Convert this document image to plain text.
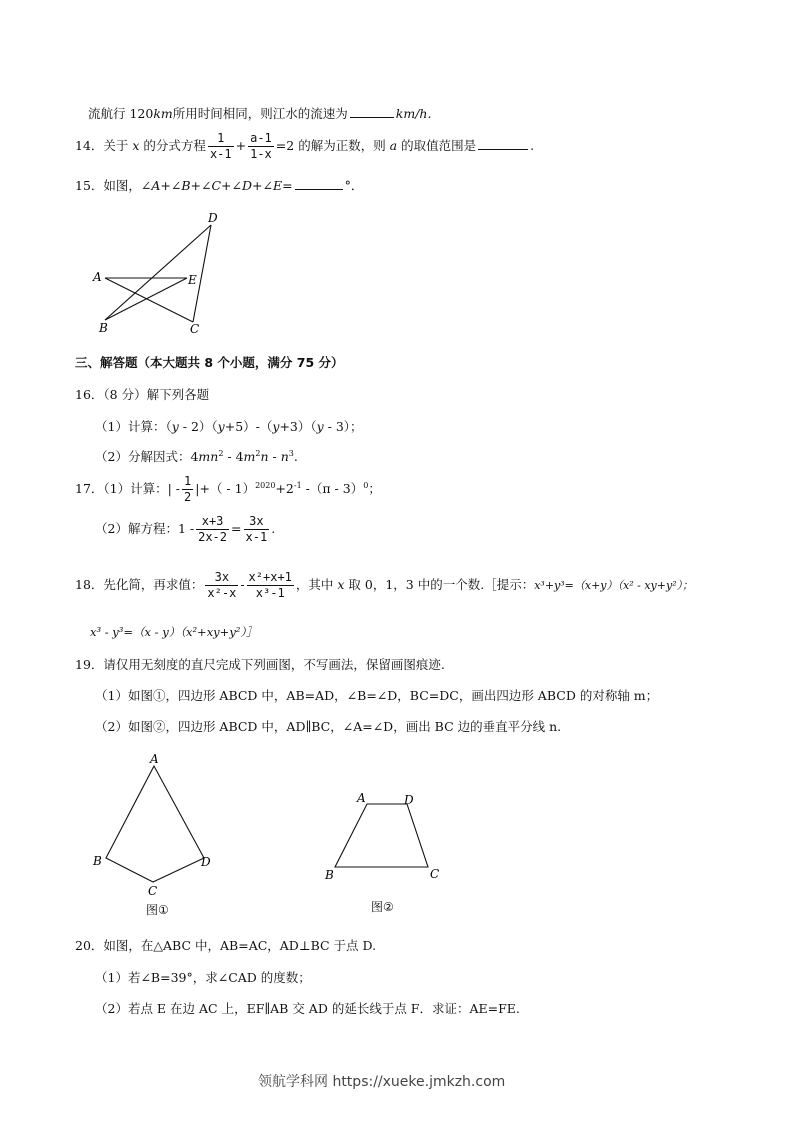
流航行 120km所用时间相同，则江水的流速为	km/h.
14．关于 x 的分式方程 $\frac{1}{x-1} + \frac{a-1}{1-x} =2$ 的解为正数，则 a 的取值范围是	.
15．如图，∠A+∠B+∠C+∠D+∠E=	°．
A
B	C
D
E
三、解答题（本大题共 8 个小题，满分 75 分）
16．（8 分）解下列各题
（1）计算：（y - 2）（y+5）-（y+3）（y - 3）；
（2）分解因式：$4mn^2 - 4m^2n - n^3$.
17．（1）计算：| - $\frac{1}{2}$ |+（ - $1)^{2020}+2^{-1}$ -（π - 3）$^0$；
（2）解方程：$1 - \frac{x+3}{2x-2} = \frac{3x}{x-1}$ .
18．先化简，再求值： $\frac{3x}{\text{x²-x}} - \frac{\text{x²+x+1}}{\text{x³-1}}$ ，其中 x 取 0，1，3 中的一个数.［提示：x³+y³=（x+y）（x² - xy+y²）；
x³ - y³=（x - y）（x²+xy+y²）］
19．请仅用无刻度的直尺完成下列画图，不写画法，保留画图痕迹.
（1）如图①，四边形 ABCD 中，AB=AD，∠B=∠D，BC=DC，画出四边形 ABCD 的对称轴 m；
（2）如图②，四边形 ABCD 中，AD∥BC，∠A=∠D，画出 BC 边的垂直平分线 n.
A
B
C
D
图①
A	D
B	C
图②
20．如图，在△ABC 中，AB=AC，AD⊥BC 于点 D.
（1）若∠B=39°，求∠CAD 的度数；
（2）若点 E 在边 AC 上，EF∥AB 交 AD 的延长线于点 F．求证：AE=FE.
领航学科网 https://xueke.jmkzh.com
